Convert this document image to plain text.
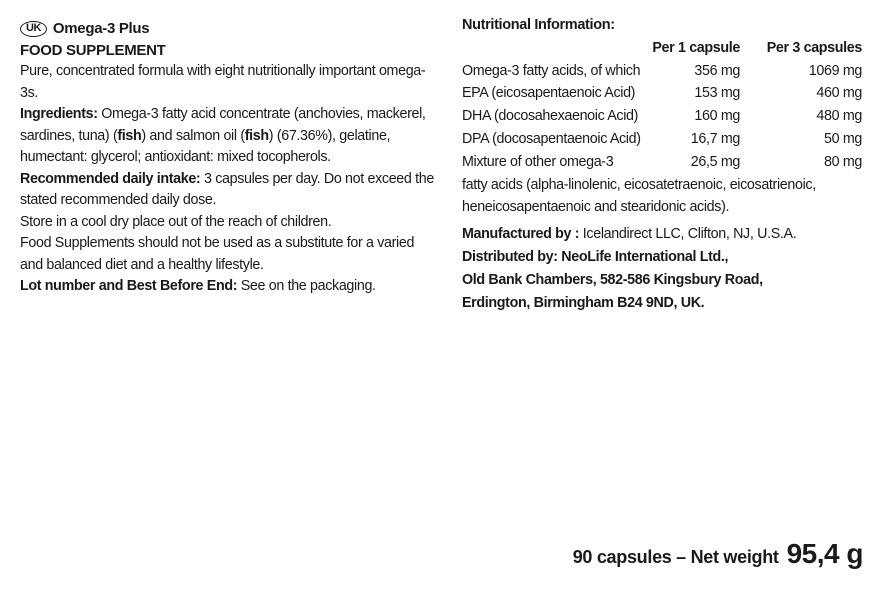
UK Omega-3 Plus
FOOD SUPPLEMENT

Pure, concentrated formula with eight nutritionally important omega-3s.

Ingredients: Omega-3 fatty acid concentrate (anchovies, mackerel, sardines, tuna) (fish) and salmon oil (fish) (67.36%), gelatine, humectant: glycerol; antioxidant: mixed tocopherols.

Recommended daily intake: 3 capsules per day. Do not exceed the stated recommended daily dose.

Store in a cool dry place out of the reach of children.

Food Supplements should not be used as a substitute for a varied and balanced diet and a healthy lifestyle.

Lot number and Best Before End: See on the packaging.

Nutritional Information:
	Per 1 capsule	Per 3 capsules
Omega-3 fatty acids, of which	356 mg	1069 mg
EPA (eicosapentaenoic Acid)	153 mg	460 mg
DHA (docosahexaenoic Acid)	160 mg	480 mg
DPA (docosapentaenoic Acid)	16,7 mg	50 mg
Mixture of other omega-3	26,5 mg	80 mg

fatty acids (alpha-linolenic, eicosatetraenoic, eicosatrienoic, heneicosapentaenoic and stearidonic acids).

Manufactured by : Icelandirect LLC, Clifton, NJ, U.S.A.

Distributed by: NeoLife International Ltd.,

Old Bank Chambers, 582-586 Kingsbury Road,

Erdington, Birmingham B24 9ND, UK.

90 capsules – Net weight 95,4 g
